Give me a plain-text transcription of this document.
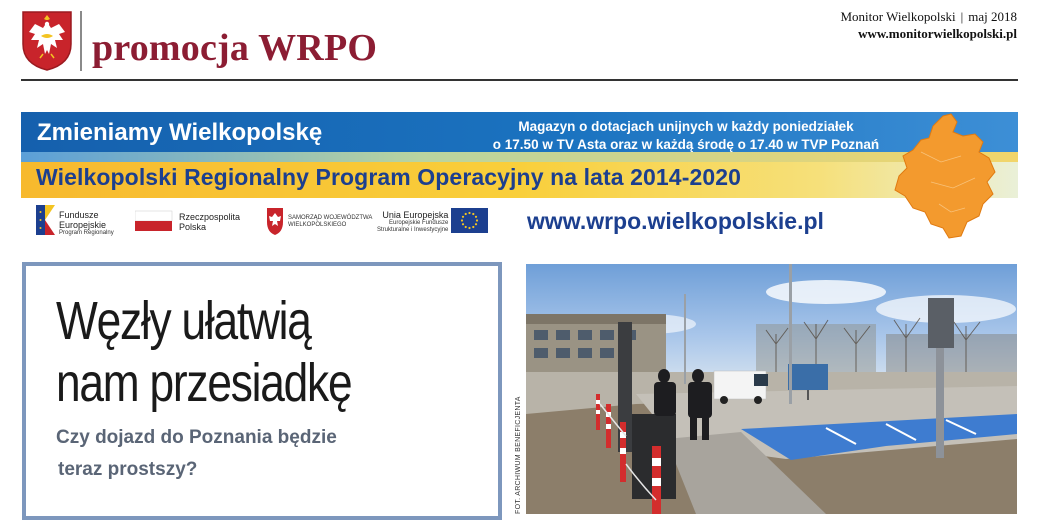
promocja WRPO
Monitor Wielkopolski | maj 2018
www.monitorwielkopolski.pl
Zmieniamy Wielkopolskę	Magazyn o dotacjach unijnych w każdy poniedziałek
o 17.50 w TV Asta oraz w każdą środę o 17.40 w TVP Poznań
Wielkopolski Regionalny Program Operacyjny na lata 2014-2020
Fundusze
Europejskie
Program Regionalny
Rzeczpospolita
Polska
SAMORZĄD WOJEWÓDZTWA
WIELKOPOLSKIEGO
Unia Europejska
Europejskie Fundusze
Strukturalne i Inwestycyjne	www.wrpo.wielkopolskie.pl
Węzły ułatwią
nam przesiadkę
Czy dojazd do Poznania będzie
teraz prostszy?	FOT. ARCHIWUM BENEFICJENTA
